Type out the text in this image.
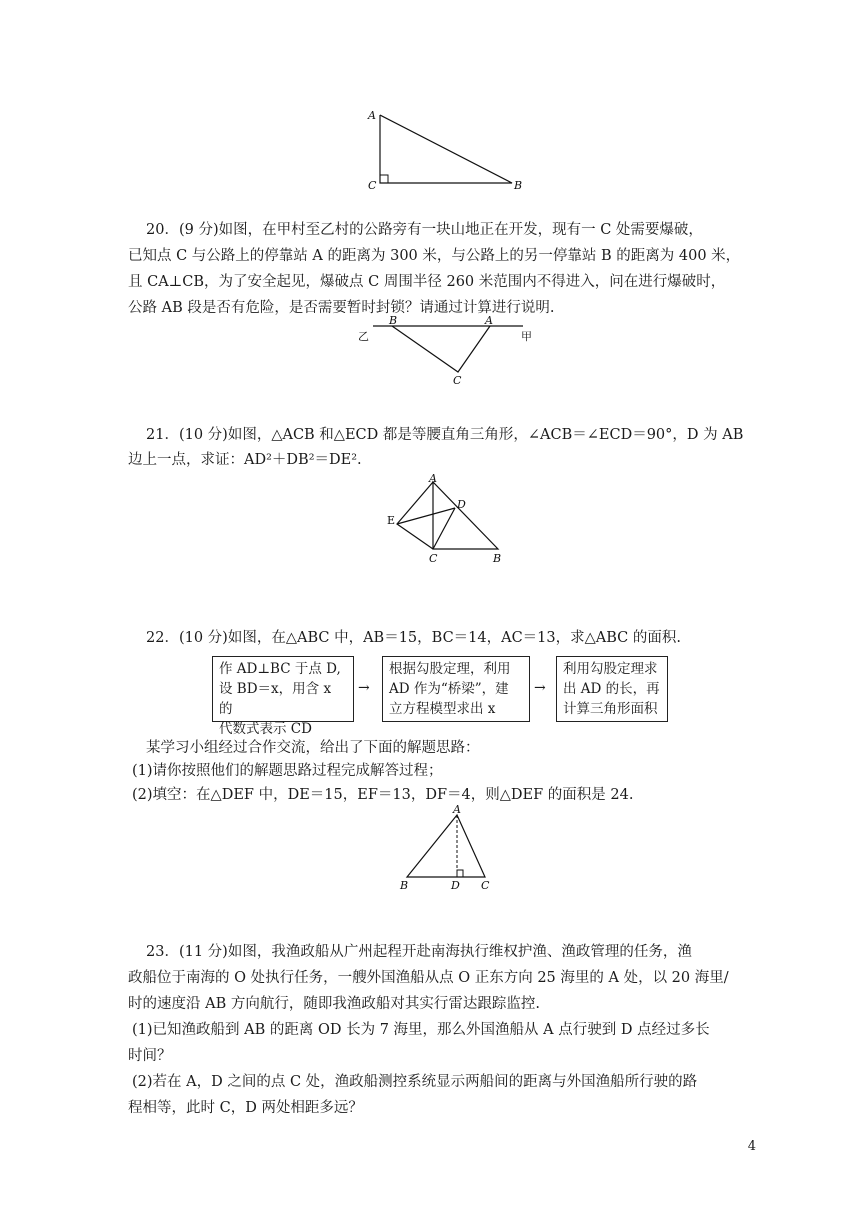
A
C	B
20．(9 分)如图，在甲村至乙村的公路旁有一块山地正在开发，现有一 C 处需要爆破，
已知点 C 与公路上的停靠站 A 的距离为 300 米，与公路上的另一停靠站 B 的距离为 400 米，
且 CA⊥CB，为了安全起见，爆破点 C 周围半径 260 米范围内不得进入，问在进行爆破时，
公路 AB 段是否有危险，是否需要暂时封锁？请通过计算进行说明.
乙	甲
B	A
C
21．(10 分)如图，△ACB 和△ECD 都是等腰直角三角形，∠ACB＝∠ECD＝90°，D 为 AB
边上一点，求证：AD²＋DB²＝DE².
A
D
E
C	B
22．(10 分)如图，在△ABC 中，AB＝15，BC＝14，AC＝13，求△ABC 的面积.
作 AD⊥BC 于点 D,
设 BD＝x，用含 x 的
代数式表示 CD
→
根据勾股定理，利用
AD 作为“桥梁”，建
立方程模型求出 x
→
利用勾股定理求
出 AD 的长，再
计算三角形面积
某学习小组经过合作交流，给出了下面的解题思路：
(1)请你按照他们的解题思路过程完成解答过程；
(2)填空：在△DEF 中，DE＝15，EF＝13，DF＝4，则△DEF 的面积是 24.
A
B	D C
23．(11 分)如图，我渔政船从广州起程开赴南海执行维权护渔、渔政管理的任务，渔
政船位于南海的 O 处执行任务，一艘外国渔船从点 O 正东方向 25 海里的 A 处，以 20 海里/
时的速度沿 AB 方向航行，随即我渔政船对其实行雷达跟踪监控.
(1)已知渔政船到 AB 的距离 OD 长为 7 海里，那么外国渔船从 A 点行驶到 D 点经过多长
时间？
(2)若在 A，D 之间的点 C 处，渔政船测控系统显示两船间的距离与外国渔船所行驶的路
程相等，此时 C，D 两处相距多远？
4
